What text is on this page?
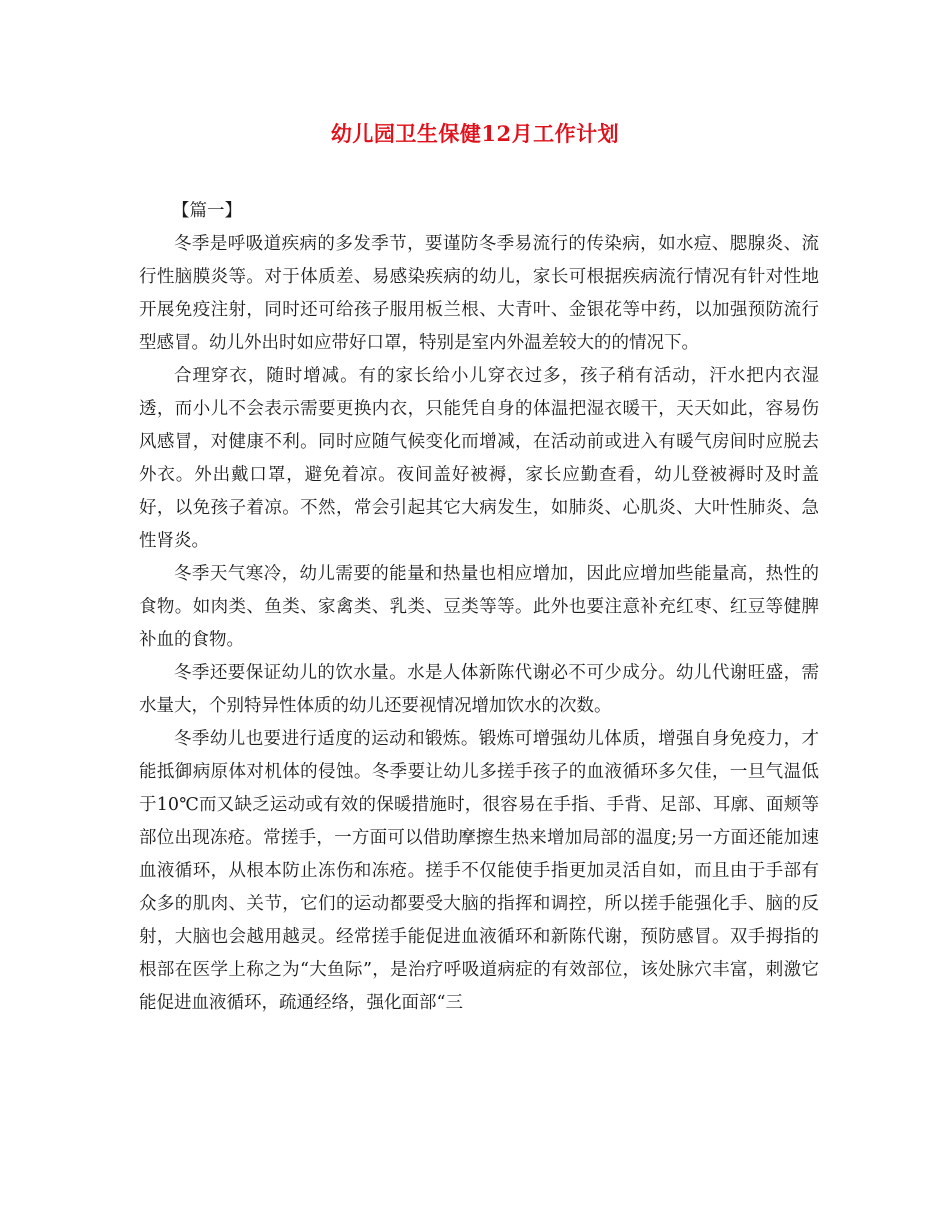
幼儿园卫生保健12月工作计划
【篇一】

冬季是呼吸道疾病的多发季节，要谨防冬季易流行的传染病，如水痘、腮腺炎、流行性脑膜炎等。对于体质差、易感染疾病的幼儿，家长可根据疾病流行情况有针对性地开展免疫注射，同时还可给孩子服用板兰根、大青叶、金银花等中药，以加强预防流行型感冒。幼儿外出时如应带好口罩，特别是室内外温差较大的的情况下。

合理穿衣，随时增减。有的家长给小儿穿衣过多，孩子稍有活动，汗水把内衣湿透，而小儿不会表示需要更换内衣，只能凭自身的体温把湿衣暖干，天天如此，容易伤风感冒，对健康不利。同时应随气候变化而增减，在活动前或进入有暖气房间时应脱去外衣。外出戴口罩，避免着凉。夜间盖好被褥，家长应勤查看，幼儿登被褥时及时盖好，以免孩子着凉。不然，常会引起其它大病发生，如肺炎、心肌炎、大叶性肺炎、急性肾炎。

冬季天气寒冷，幼儿需要的能量和热量也相应增加，因此应增加些能量高，热性的食物。如肉类、鱼类、家禽类、乳类、豆类等等。此外也要注意补充红枣、红豆等健脾补血的食物。

冬季还要保证幼儿的饮水量。水是人体新陈代谢必不可少成分。幼儿代谢旺盛，需水量大，个别特异性体质的幼儿还要视情况增加饮水的次数。

冬季幼儿也要进行适度的运动和锻炼。锻炼可增强幼儿体质，增强自身免疫力，才能抵御病原体对机体的侵蚀。冬季要让幼儿多搓手孩子的血液循环多欠佳，一旦气温低于10℃而又缺乏运动或有效的保暖措施时，很容易在手指、手背、足部、耳廓、面颊等部位出现冻疮。常搓手，一方面可以借助摩擦生热来增加局部的温度;另一方面还能加速血液循环，从根本防止冻伤和冻疮。搓手不仅能使手指更加灵活自如，而且由于手部有众多的肌肉、关节，它们的运动都要受大脑的指挥和调控，所以搓手能强化手、脑的反射，大脑也会越用越灵。经常搓手能促进血液循环和新陈代谢，预防感冒。双手拇指的根部在医学上称之为“大鱼际”，是治疗呼吸道病症的有效部位，该处脉穴丰富，刺激它能促进血液循环，疏通经络，强化面部“三
